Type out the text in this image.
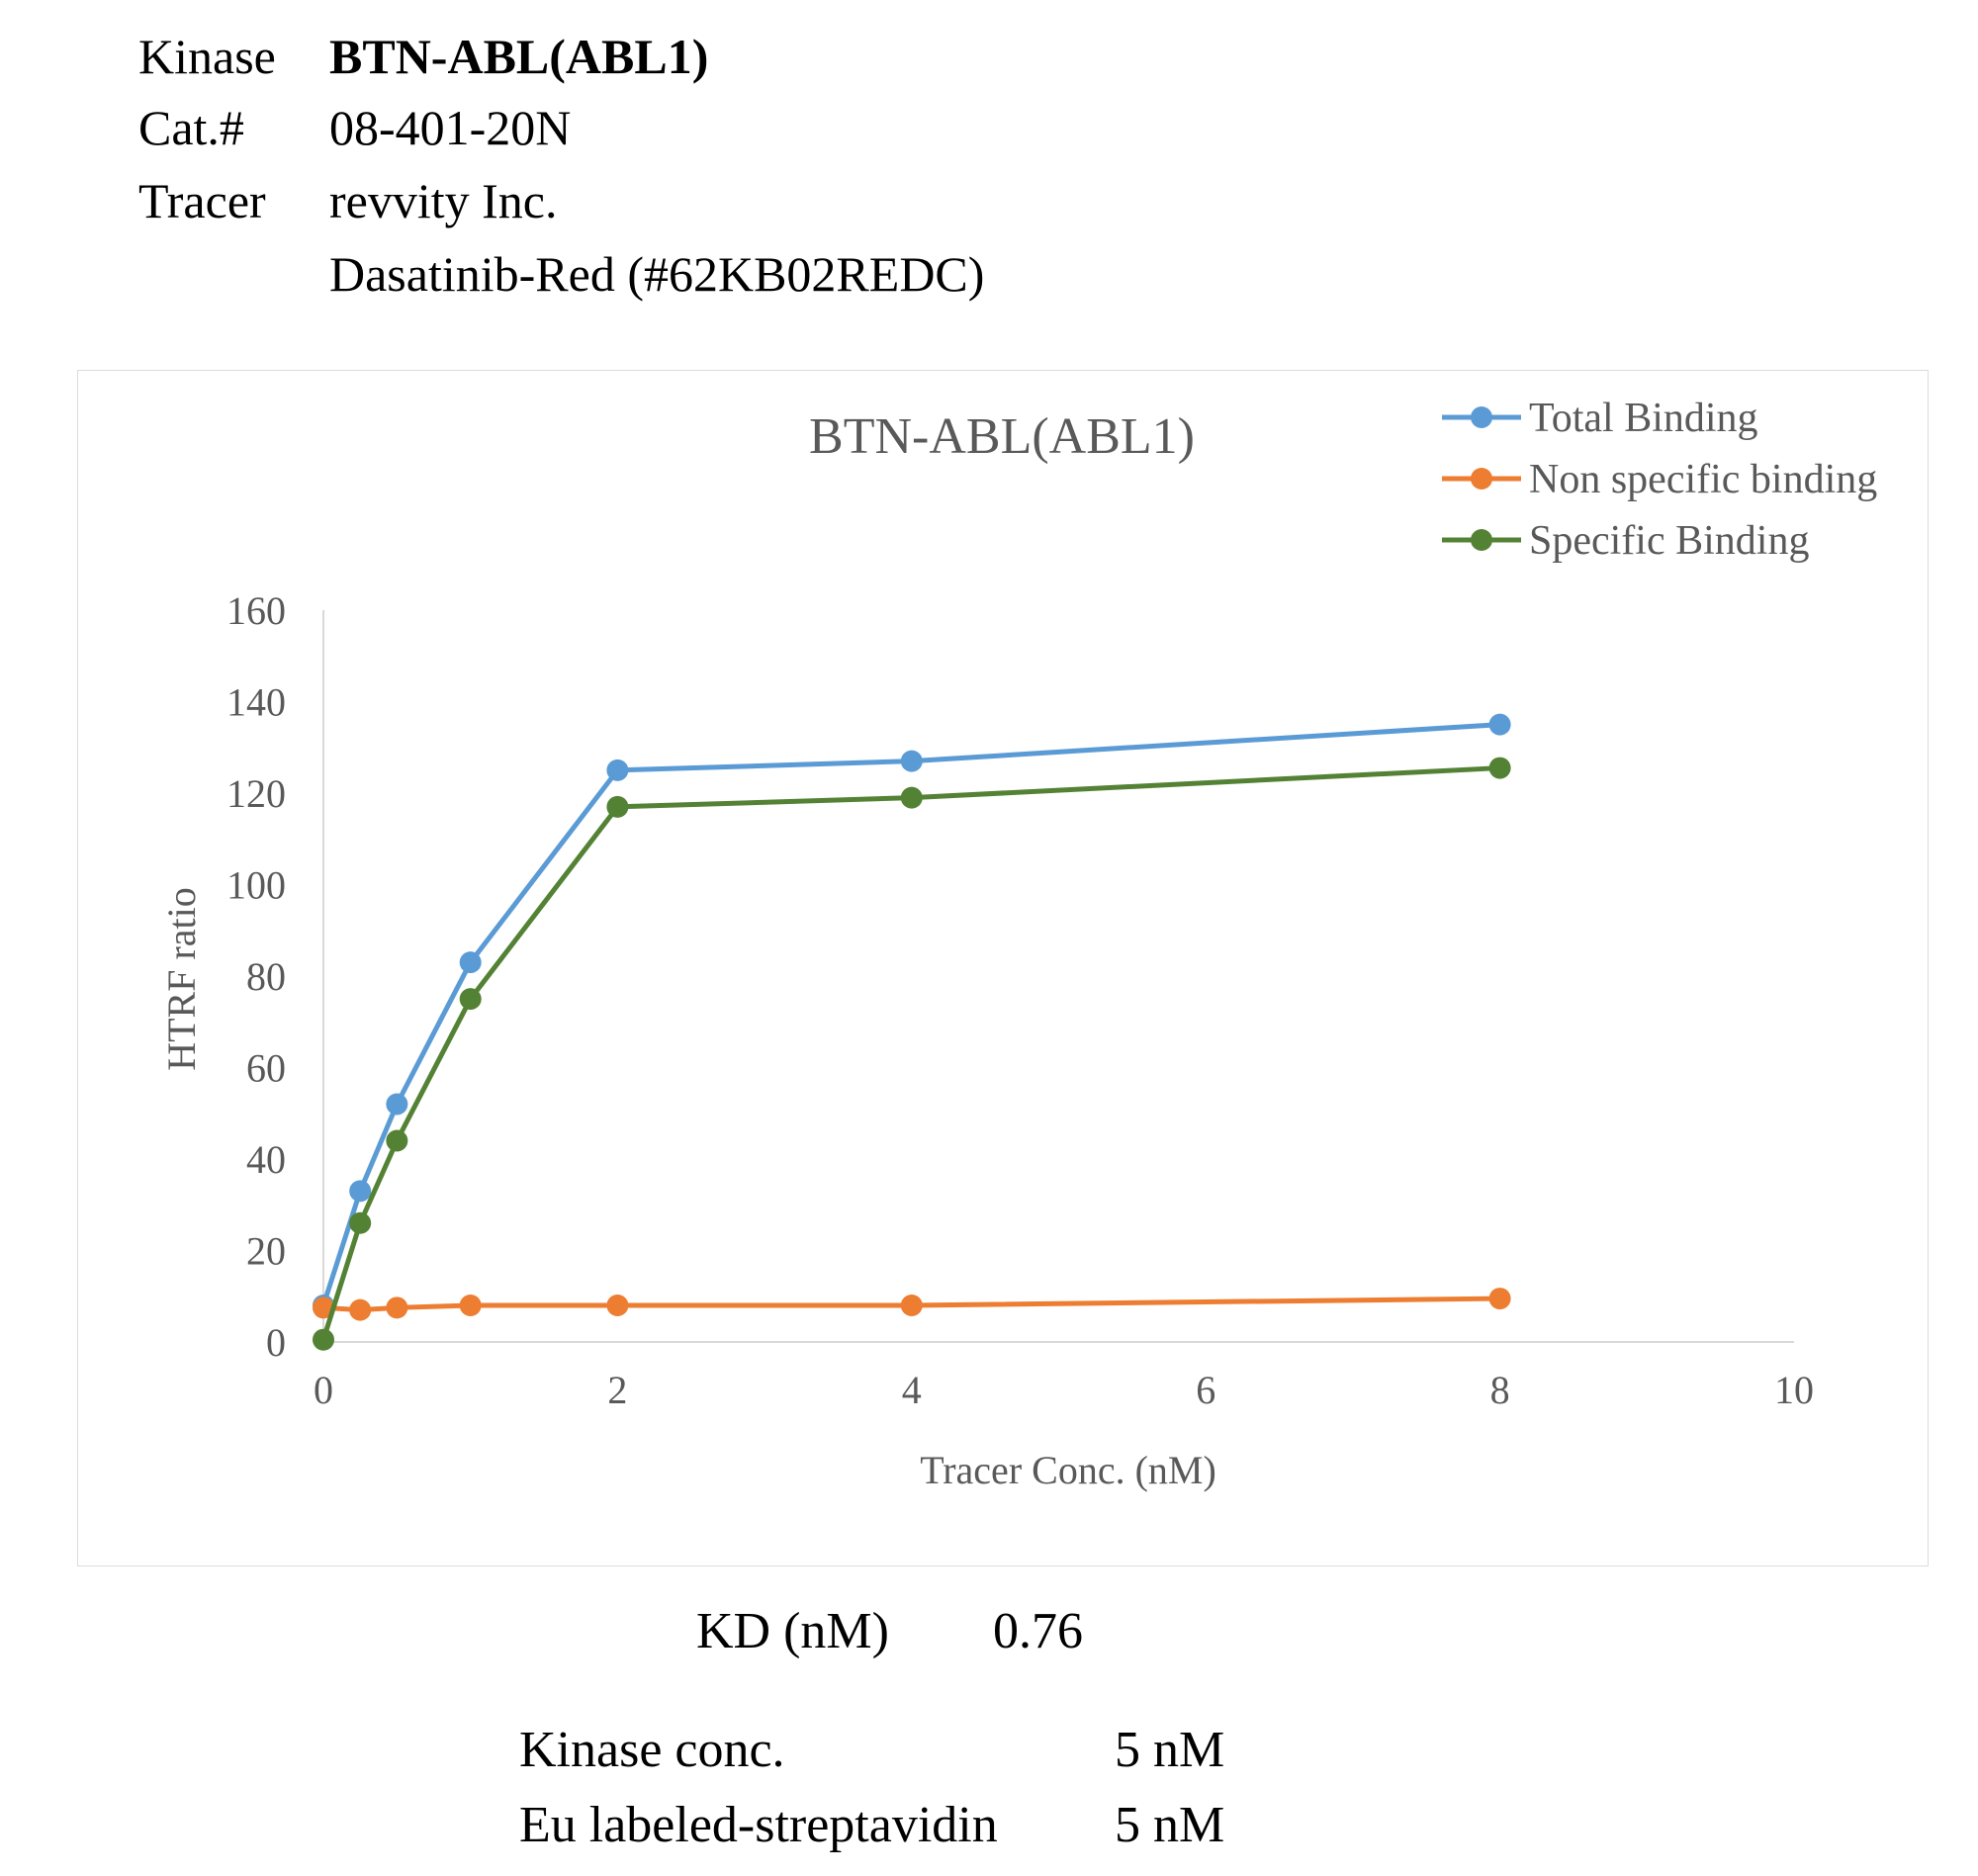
Kinase BTN-ABL(ABL1)
Cat.# 08-401-20N
Tracer revvity Inc.
Dasatinib-Red (#62KB02REDC)
BTN-ABL(ABL1)
Tracer Conc. (nM)
HTRF ratio
0
20
40
60
80
100
120
140
160
0	2	4	6	8	10
Total Binding
Non specific binding
Specific Binding
KD (nM) 0.76
Kinase conc.	5 nM
Eu labeled-streptavidin 5 nM
